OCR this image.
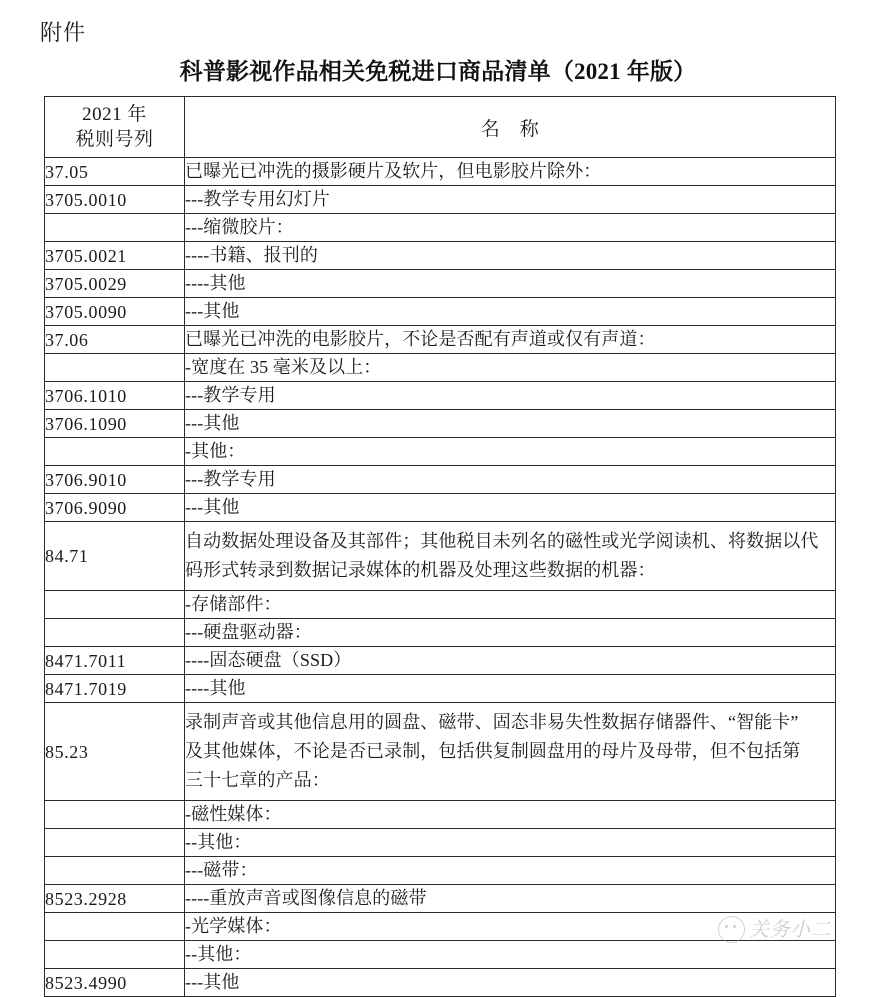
附件
科普影视作品相关免税进口商品清单（2021 年版）
2021 年
税则号列	名　称
37.05	已曝光已冲洗的摄影硬片及软片，但电影胶片除外：

3705.0010	---教学专用幻灯片

	---缩微胶片：

3705.0021	----书籍、报刊的

3705.0029	----其他

3705.0090	---其他

37.06	已曝光已冲洗的电影胶片，不论是否配有声道或仅有声道：

	-宽度在 35 毫米及以上：

3706.1010	---教学专用

3706.1090	---其他

	-其他：

3706.9010	---教学专用

3706.9090	---其他

84.71	自动数据处理设备及其部件；其他税目未列名的磁性或光学阅读机、将数据以代
码形式转录到数据记录媒体的机器及处理这些数据的机器：

	-存储部件：

	---硬盘驱动器：

8471.7011	----固态硬盘（SSD）

8471.7019	----其他

85.23	录制声音或其他信息用的圆盘、磁带、固态非易失性数据存储器件、“智能卡”
及其他媒体，不论是否已录制，包括供复制圆盘用的母片及母带，但不包括第
三十七章的产品：

	-磁性媒体：

	--其他：

	---磁带：

8523.2928	----重放声音或图像信息的磁带

	-光学媒体：

	--其他：

8523.4990	---其他
关务小二
